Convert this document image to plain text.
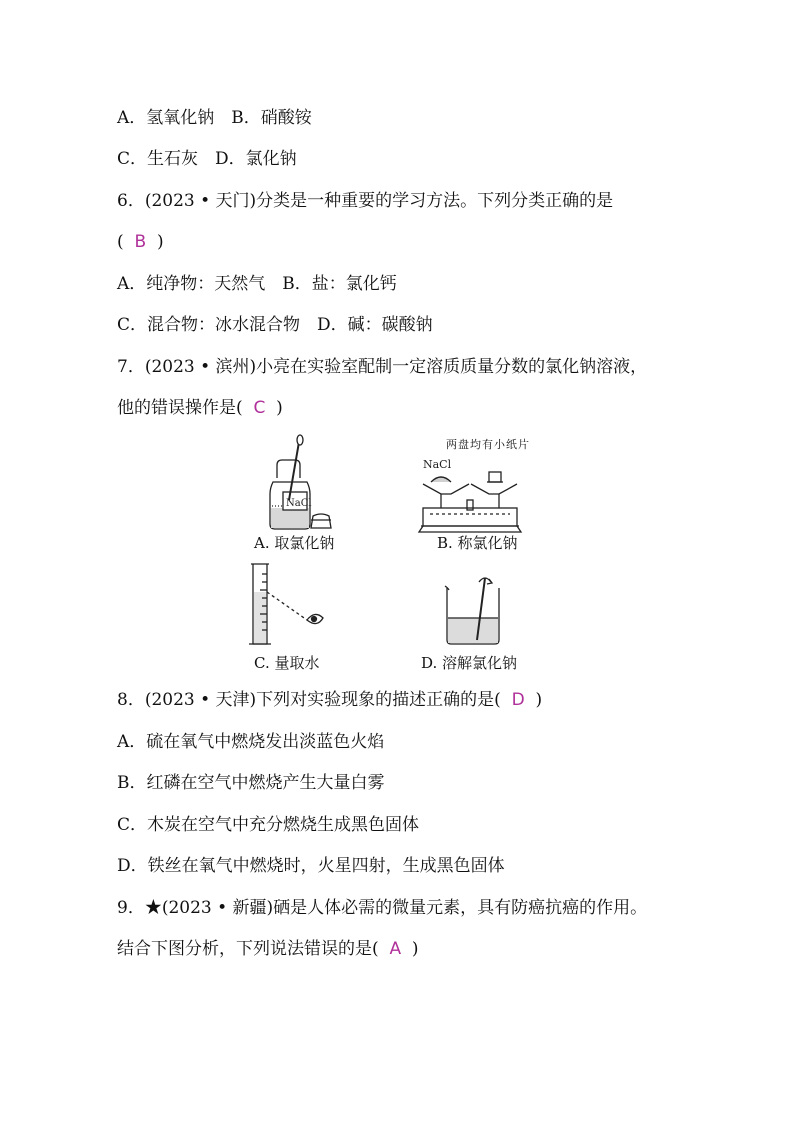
A．氢氧化钠　B．硝酸铵
C．生石灰　D．氯化钠
6．(2023 • 天门)分类是一种重要的学习方法。下列分类正确的是
( B )
A．纯净物：天然气　B．盐：氯化钙
C．混合物：冰水混合物　D．碱：碳酸钠
7．(2023 • 滨州)小亮在实验室配制一定溶质质量分数的氯化钠溶液，
他的错误操作是( C )
两盘均有小纸片
NaCl
NaCl
A. 取氯化钠	B. 称氯化钠
C. 量取水	D. 溶解氯化钠
8．(2023 • 天津)下列对实验现象的描述正确的是( D )
A．硫在氧气中燃烧发出淡蓝色火焰
B．红磷在空气中燃烧产生大量白雾
C．木炭在空气中充分燃烧生成黑色固体
D．铁丝在氧气中燃烧时，火星四射，生成黑色固体
9．★(2023 • 新疆)硒是人体必需的微量元素，具有防癌抗癌的作用。
结合下图分析，下列说法错误的是( A )
